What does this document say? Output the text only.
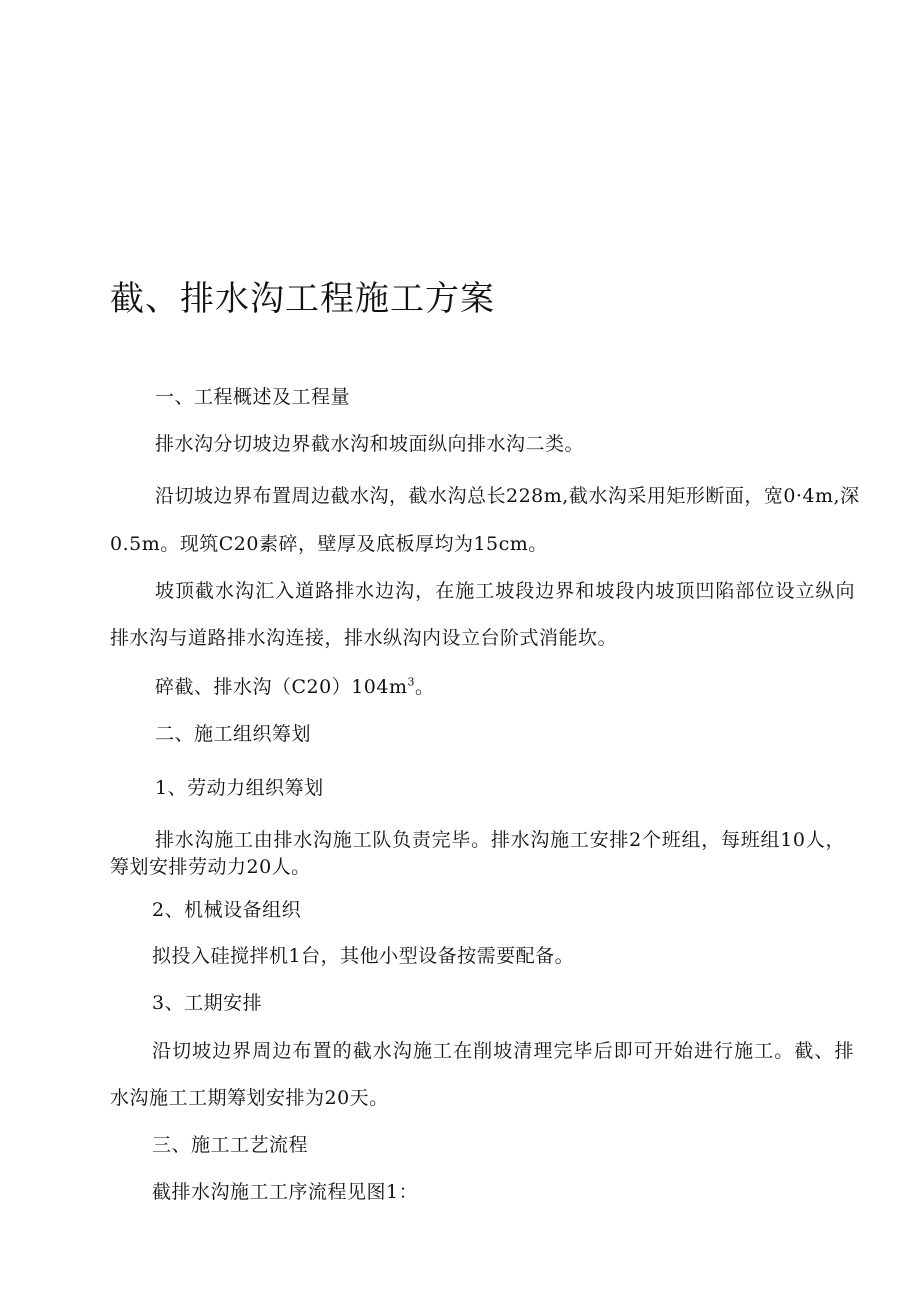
截、排水沟工程施工方案
一、工程概述及工程量
排水沟分切坡边界截水沟和坡面纵向排水沟二类。
沿切坡边界布置周边截水沟，截水沟总长228m,截水沟采用矩形断面，宽0·4m,深
0.5m。现筑C20素碎，壁厚及底板厚均为15cm。
坡顶截水沟汇入道路排水边沟，在施工坡段边界和坡段内坡顶凹陷部位设立纵向
排水沟与道路排水沟连接，排水纵沟内设立台阶式消能坎。
碎截、排水沟$(C20)104m^3$。
二、施工组织筹划
1、劳动力组织筹划
排水沟施工由排水沟施工队负责完毕。排水沟施工安排2个班组，每班组10人，
筹划安排劳动力20人。
2、机械设备组织
拟投入硅搅拌机1台，其他小型设备按需要配备。
3、工期安排
沿切坡边界周边布置的截水沟施工在削坡清理完毕后即可开始进行施工。截、排
水沟施工工期筹划安排为20天。
三、施工工艺流程
截排水沟施工工序流程见图1：
